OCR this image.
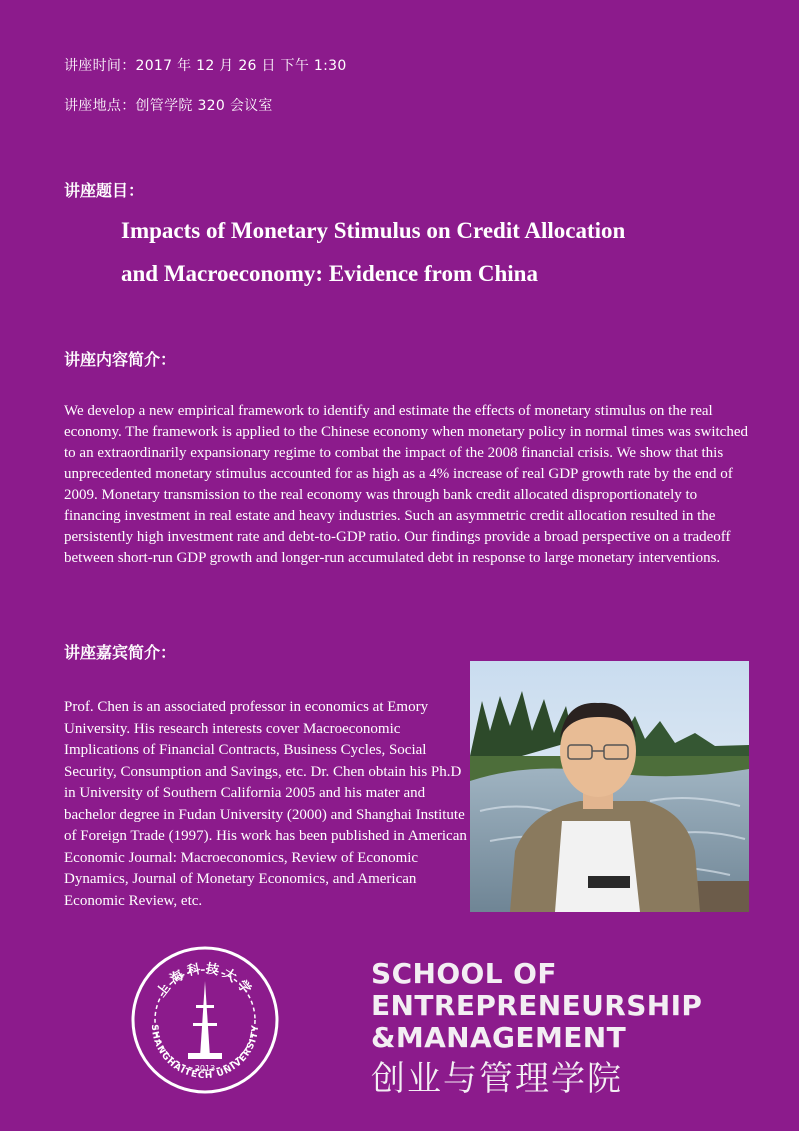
讲座时间：2017 年 12 月 26 日 下午 1:30
讲座地点：创管学院 320 会议室
讲座题目：
Impacts of Monetary Stimulus on Credit Allocation
and Macroeconomy: Evidence from China
讲座内容简介：

We develop a new empirical framework to identify and estimate the effects of monetary stimulus on the real economy. The framework is applied to the Chinese economy when monetary policy in normal times was switched to an extraordinarily expansionary regime to combat the impact of the 2008 financial crisis. We show that this unprecedented monetary stimulus accounted for as high as a 4% increase of real GDP growth rate by the end of 2009. Monetary transmission to the real economy was through bank credit allocated disproportionately to financing investment in real estate and heavy industries. Such an asymmetric credit allocation resulted in the persistently high investment rate and debt-to-GDP ratio. Our findings provide a broad perspective on a tradeoff between short-run GDP growth and longer-run accumulated debt in response to large monetary interventions.

讲座嘉宾简介：

Prof. Chen is an associated professor in economics at Emory University. His research interests cover Macroeconomic Implications of Financial Contracts, Business Cycles, Social Security, Consumption and Savings, etc. Dr. Chen obtain his Ph.D in University of Southern California 2005 and his mater and bachelor degree in Fudan University (2000) and Shanghai Institute of Foreign Trade (1997). His work has been published in American Economic Journal: Macroeconomics, Review of Economic Dynamics, Journal of Monetary Economics, and American Economic Review, etc.

上海科技大学
SHANGHAITECH UNIVERSITY
2013
SCHOOL OF
ENTREPRENEURSHIP
&MANAGEMENT
创业与管理学院
